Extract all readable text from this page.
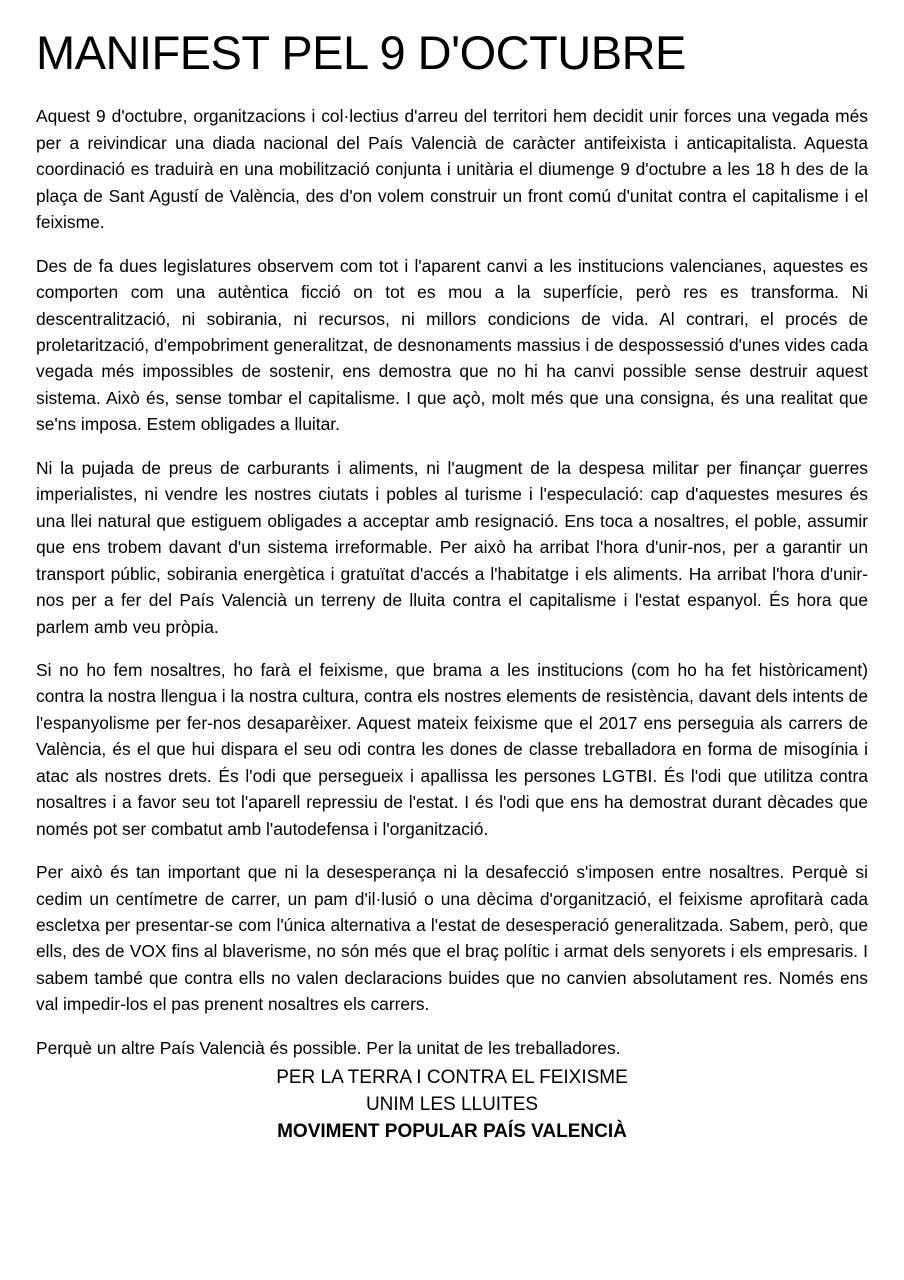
MANIFEST PEL 9 D'OCTUBRE

Aquest 9 d'octubre, organitzacions i col·lectius d'arreu del territori hem decidit unir forces una vegada més per a reivindicar una diada nacional del País Valencià de caràcter antifeixista i anticapitalista. Aquesta coordinació es traduirà en una mobilització conjunta i unitària el diumenge 9 d'octubre a les 18 h des de la plaça de Sant Agustí de València, des d'on volem construir un front comú d'unitat contra el capitalisme i el feixisme.

Des de fa dues legislatures observem com tot i l'aparent canvi a les institucions valencianes, aquestes es comporten com una autèntica ficció on tot es mou a la superfície, però res es transforma. Ni descentralització, ni sobirania, ni recursos, ni millors condicions de vida. Al contrari, el procés de proletarització, d'empobriment generalitzat, de desnonaments massius i de despossessió d'unes vides cada vegada més impossibles de sostenir, ens demostra que no hi ha canvi possible sense destruir aquest sistema. Això és, sense tombar el capitalisme. I que açò, molt més que una consigna, és una realitat que se'ns imposa. Estem obligades a lluitar.

Ni la pujada de preus de carburants i aliments, ni l'augment de la despesa militar per finançar guerres imperialistes, ni vendre les nostres ciutats i pobles al turisme i l'especulació: cap d'aquestes mesures és una llei natural que estiguem obligades a acceptar amb resignació. Ens toca a nosaltres, el poble, assumir que ens trobem davant d'un sistema irreformable. Per això ha arribat l'hora d'unir-nos, per a garantir un transport públic, sobirania energètica i gratuïtat d'accés a l'habitatge i els aliments. Ha arribat l'hora d'unir-nos per a fer del País Valencià un terreny de lluita contra el capitalisme i l'estat espanyol. És hora que parlem amb veu pròpia.

Si no ho fem nosaltres, ho farà el feixisme, que brama a les institucions (com ho ha fet històricament) contra la nostra llengua i la nostra cultura, contra els nostres elements de resistència, davant dels intents de l'espanyolisme per fer-nos desaparèixer. Aquest mateix feixisme que el 2017 ens perseguia als carrers de València, és el que hui dispara el seu odi contra les dones de classe treballadora en forma de misogínia i atac als nostres drets. És l'odi que persegueix i apallissa les persones LGTBI. És l'odi que utilitza contra nosaltres i a favor seu tot l'aparell repressiu de l'estat. I és l'odi que ens ha demostrat durant dècades que només pot ser combatut amb l'autodefensa i l'organització.

Per això és tan important que ni la desesperança ni la desafecció s'imposen entre nosaltres. Perquè si cedim un centímetre de carrer, un pam d'il·lusió o una dècima d'organització, el feixisme aprofitarà cada escletxa per presentar-se com l'única alternativa a l'estat de desesperació generalitzada. Sabem, però, que ells, des de VOX fins al blaverisme, no són més que el braç polític i armat dels senyorets i els empresaris. I sabem també que contra ells no valen declaracions buides que no canvien absolutament res. Només ens val impedir-los el pas prenent nosaltres els carrers.

Perquè un altre País Valencià és possible. Per la unitat de les treballadores.

PER LA TERRA I CONTRA EL FEIXISME
UNIM LES LLUITES
MOVIMENT POPULAR PAÍS VALENCIÀ
